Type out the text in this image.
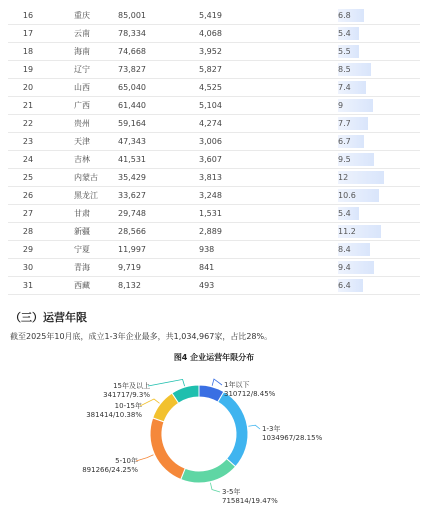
16	重庆	85,001	5,419	6.8
17	云南	78,334	4,068	5.4
18	海南	74,668	3,952	5.5
19	辽宁	73,827	5,827	8.5
20	山西	65,040	4,525	7.4
21	广西	61,440	5,104	9
22	贵州	59,164	4,274	7.7
23	天津	47,343	3,006	6.7
24	吉林	41,531	3,607	9.5
25	内蒙古	35,429	3,813	12
26	黑龙江	33,627	3,248	10.6
27	甘肃	29,748	1,531	5.4
28	新疆	28,566	2,889	11.2
29	宁夏	11,997	938	8.4
30	青海	9,719	841	9.4
31	西藏	8,132	493	6.4
（三）运营年限
截至2025年10月底，成立1-3年企业最多，共1,034,967家，占比28%。
图4 企业运营年限分布
1年以下
310712/8.45%
1-3年
1034967/28.15%
3-5年
715814/19.47%
5-10年
891266/24.25%
10-15年
381414/10.38%
15年及以上
341717/9.3%
